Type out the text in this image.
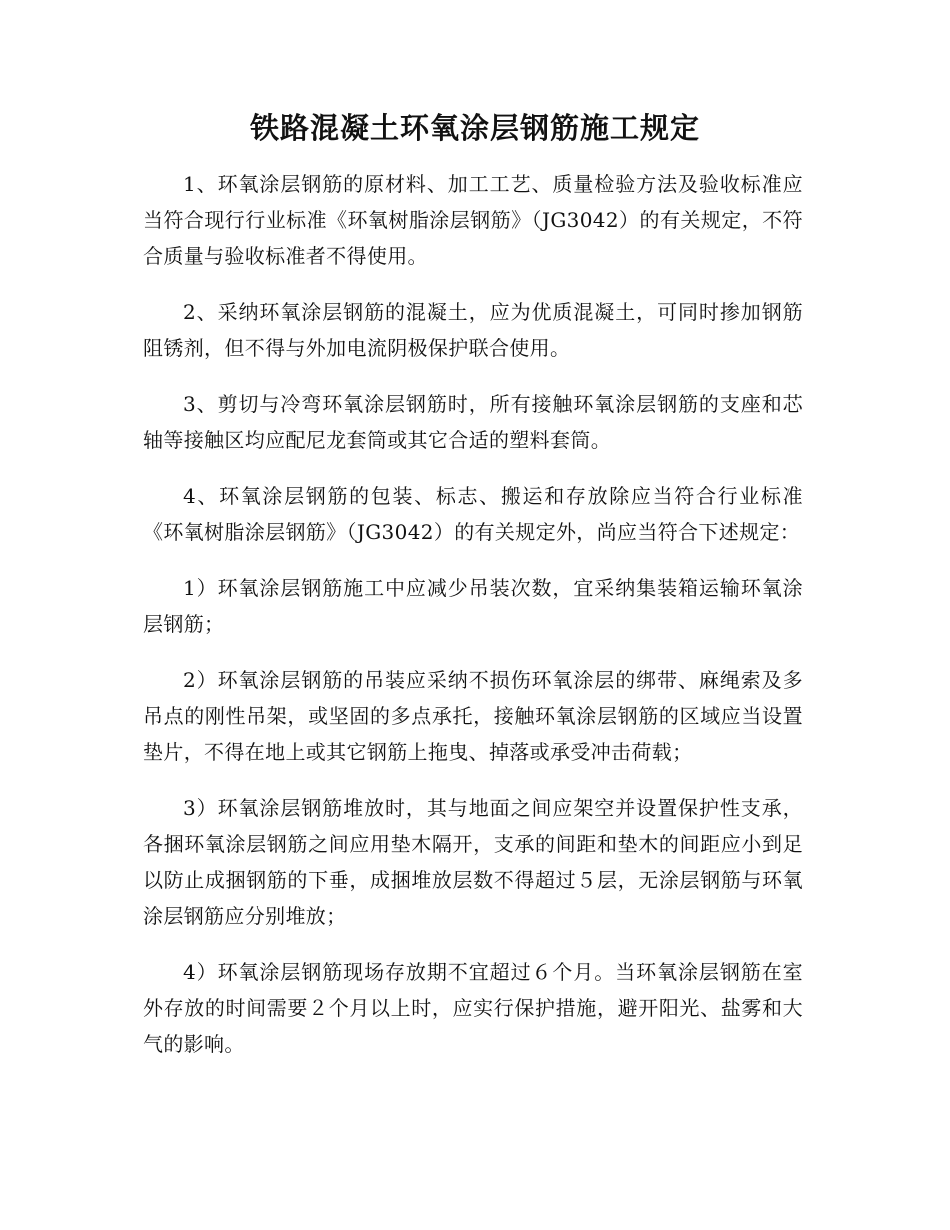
铁路混凝土环氧涂层钢筋施工规定

1、环氧涂层钢筋的原材料、加工工艺、质量检验方法及验收标准应当符合现行行业标准《环氧树脂涂层钢筋》（JG3042）的有关规定，不符合质量与验收标准者不得使用。

2、采纳环氧涂层钢筋的混凝土，应为优质混凝土，可同时掺加钢筋阻锈剂，但不得与外加电流阴极保护联合使用。

3、剪切与冷弯环氧涂层钢筋时，所有接触环氧涂层钢筋的支座和芯轴等接触区均应配尼龙套筒或其它合适的塑料套筒。

4、环氧涂层钢筋的包装、标志、搬运和存放除应当符合行业标准《环氧树脂涂层钢筋》（JG3042）的有关规定外，尚应当符合下述规定：

1）环氧涂层钢筋施工中应减少吊装次数，宜采纳集装箱运输环氧涂层钢筋；

2）环氧涂层钢筋的吊装应采纳不损伤环氧涂层的绑带、麻绳索及多吊点的刚性吊架，或坚固的多点承托，接触环氧涂层钢筋的区域应当设置垫片，不得在地上或其它钢筋上拖曳、掉落或承受冲击荷载；

3）环氧涂层钢筋堆放时，其与地面之间应架空并设置保护性支承，各捆环氧涂层钢筋之间应用垫木隔开，支承的间距和垫木的间距应小到足以防止成捆钢筋的下垂，成捆堆放层数不得超过５层，无涂层钢筋与环氧涂层钢筋应分别堆放；

4）环氧涂层钢筋现场存放期不宜超过６个月。当环氧涂层钢筋在室外存放的时间需要２个月以上时，应实行保护措施，避开阳光、盐雾和大气的影响。
